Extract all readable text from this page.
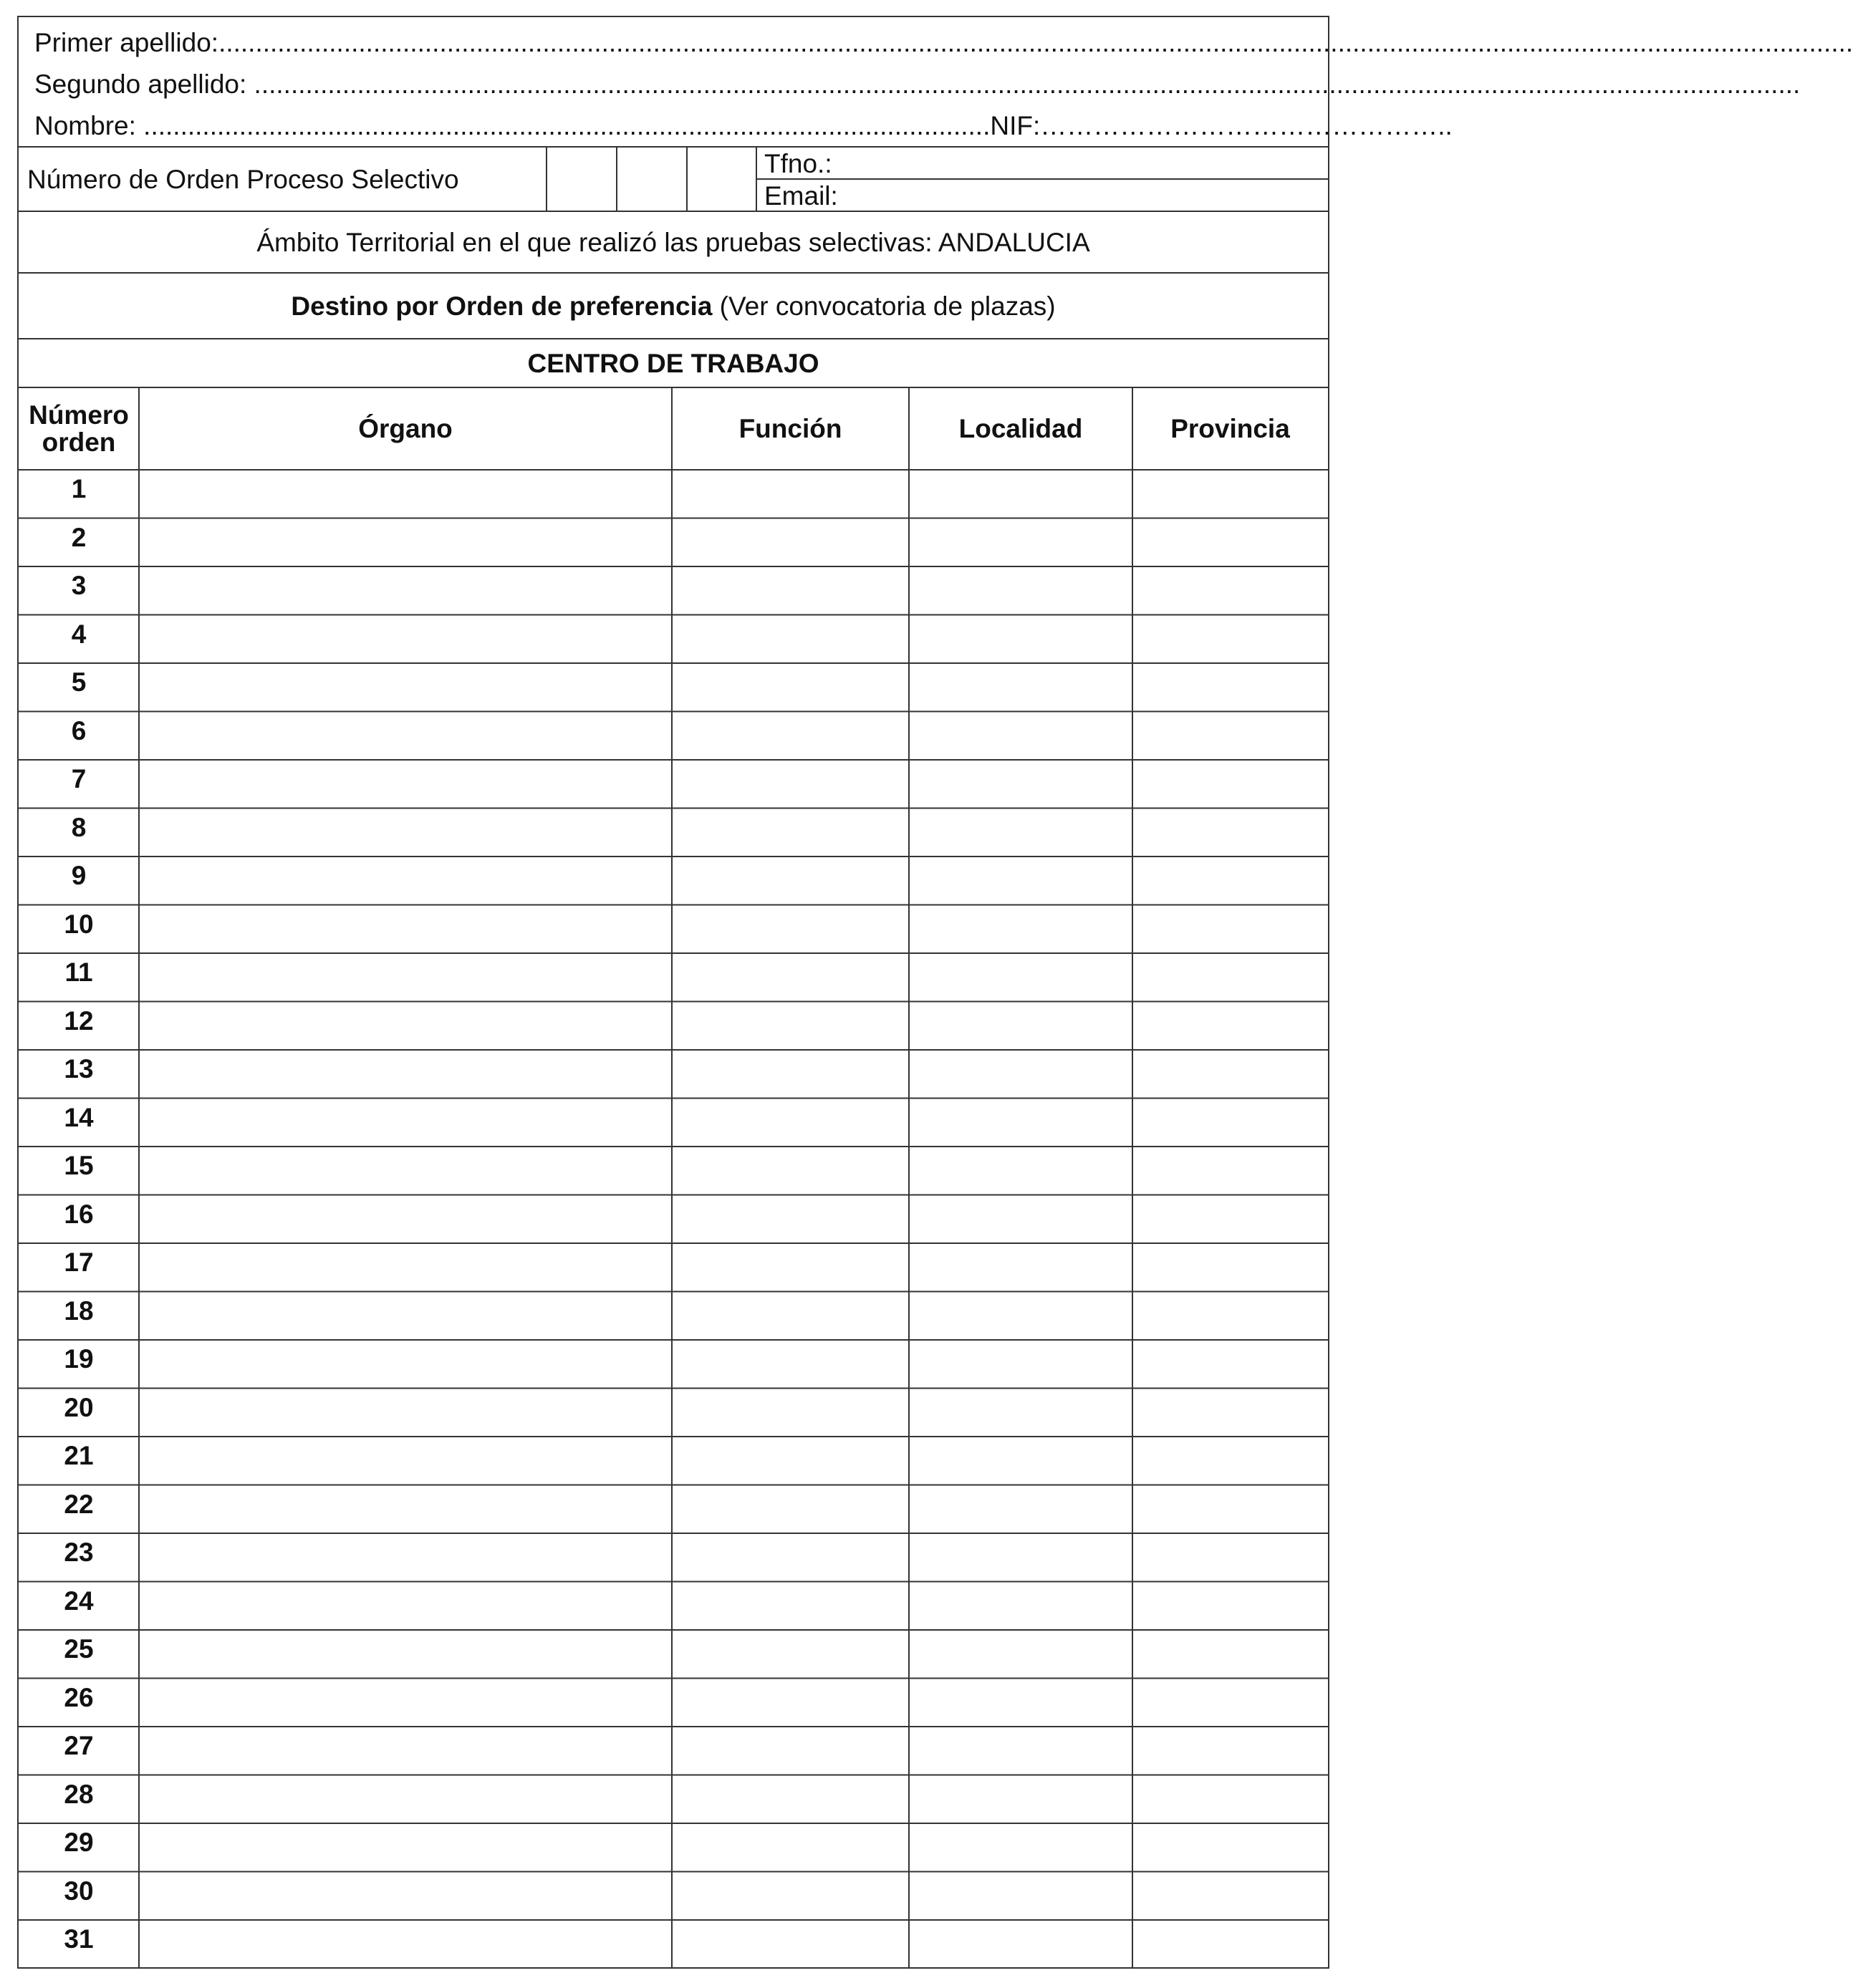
Primer apellido:..............................................................................................................................................................................................................................
Segundo apellido: ..................................................................................................................................................................................................................
Nombre: ...................................................................................................................NIF:………………………………………..
Número de Orden Proceso Selectivo
Tfno.:
Email:
Ámbito Territorial en el que realizó las pruebas selectivas: ANDALUCIA
Destino por Orden de preferencia (Ver convocatoria de plazas)
CENTRO DE TRABAJO
Número
orden	Órgano	Función	Localidad	Provincia
1
2
3
4
5
6
7
8
9
10
11
12
13
14
15
16
17
18
19
20
21
22
23
24
25
26
27
28
29
30
31
